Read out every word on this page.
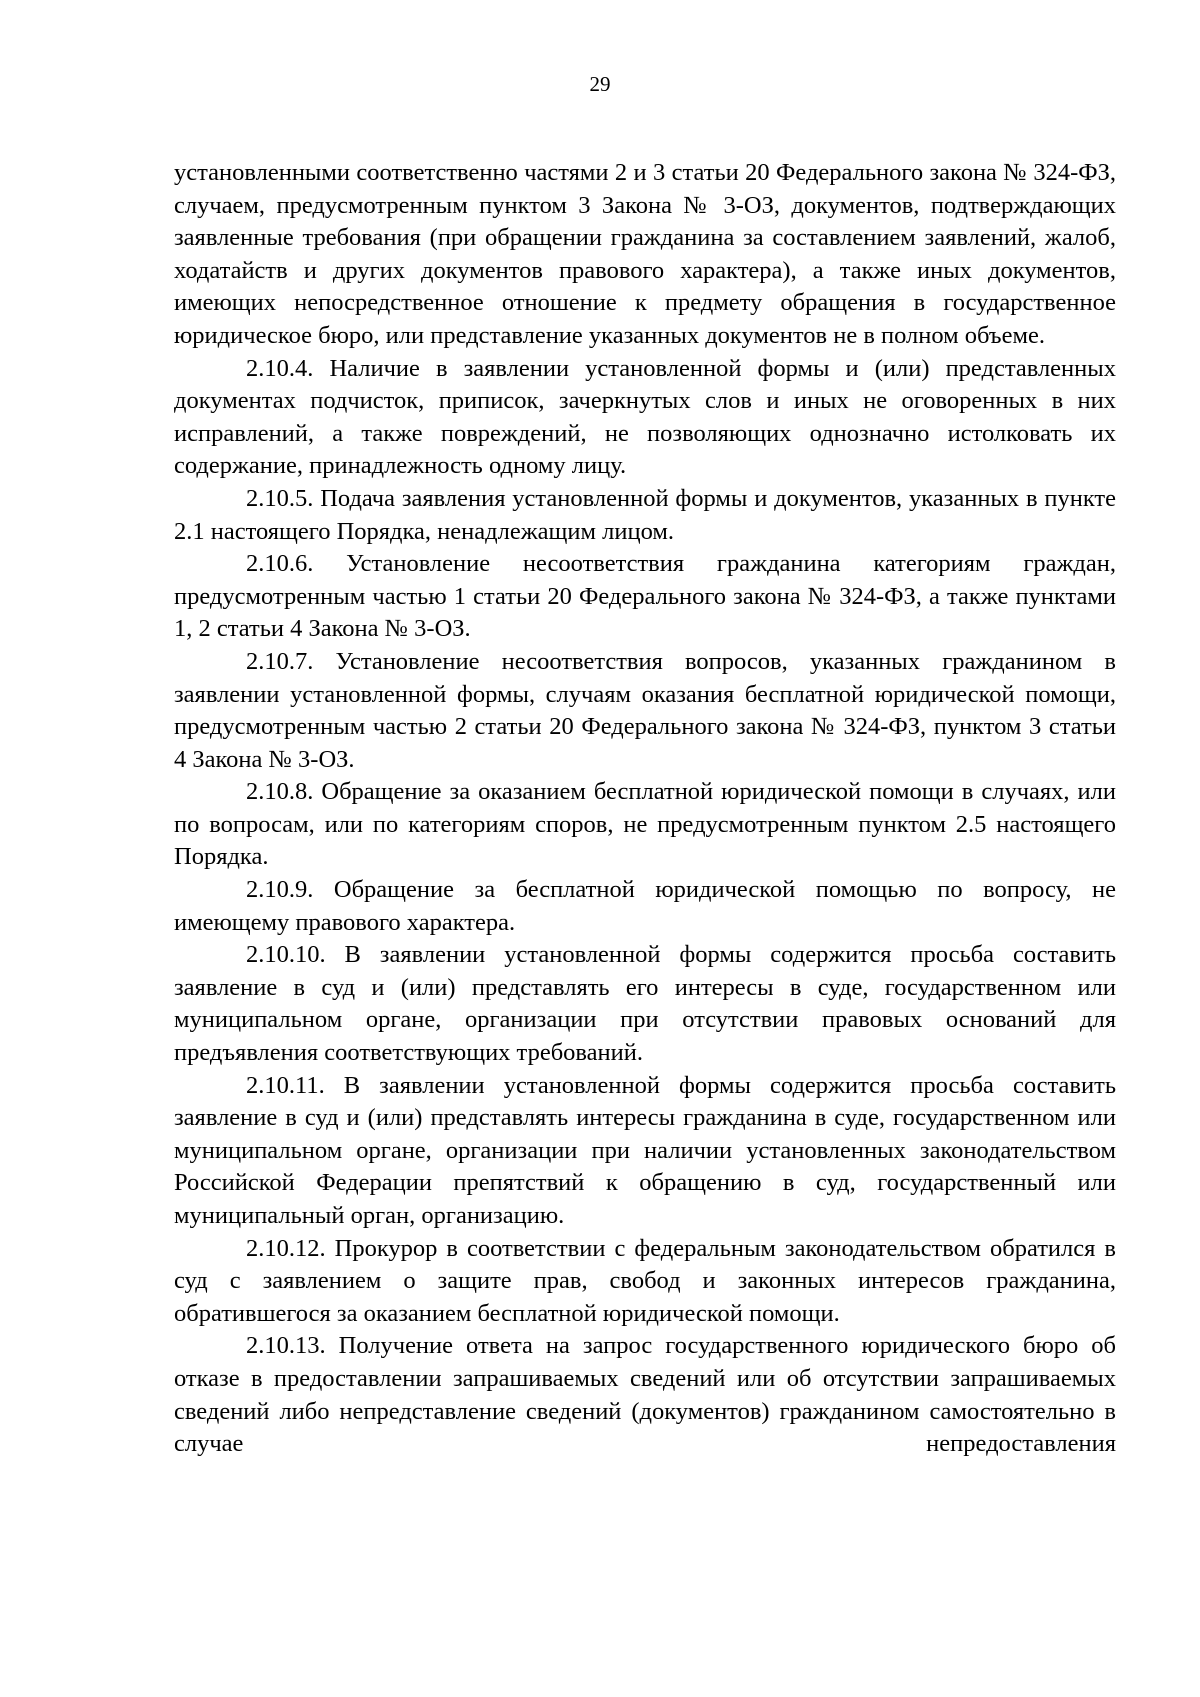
29

установленными соответственно частями 2 и 3 статьи 20 Федерального закона № 324-ФЗ, случаем, предусмотренным пунктом 3 Закона № 3-ОЗ, документов, подтверждающих заявленные требования (при обращении гражданина за составлением заявлений, жалоб, ходатайств и других документов правового характера), а также иных документов, имеющих непосредственное отношение к предмету обращения в государственное юридическое бюро, или представление указанных документов не в полном объеме.

2.10.4. Наличие в заявлении установленной формы и (или) представленных документах подчисток, приписок, зачеркнутых слов и иных не оговоренных в них исправлений, а также повреждений, не позволяющих однозначно истолковать их содержание, принадлежность одному лицу.

2.10.5. Подача заявления установленной формы и документов, указанных в пункте 2.1 настоящего Порядка, ненадлежащим лицом.

2.10.6. Установление несоответствия гражданина категориям граждан, предусмотренным частью 1 статьи 20 Федерального закона № 324-ФЗ, а также пунктами 1, 2 статьи 4 Закона № 3-ОЗ.

2.10.7. Установление несоответствия вопросов, указанных гражданином в заявлении установленной формы, случаям оказания бесплатной юридической помощи, предусмотренным частью 2 статьи 20 Федерального закона № 324-ФЗ, пунктом 3 статьи 4 Закона № 3-ОЗ.

2.10.8. Обращение за оказанием бесплатной юридической помощи в случаях, или по вопросам, или по категориям споров, не предусмотренным пунктом 2.5 настоящего Порядка.

2.10.9. Обращение за бесплатной юридической помощью по вопросу, не имеющему правового характера.

2.10.10. В заявлении установленной формы содержится просьба составить заявление в суд и (или) представлять его интересы в суде, государственном или муниципальном органе, организации при отсутствии правовых оснований для предъявления соответствующих требований.

2.10.11. В заявлении установленной формы содержится просьба составить заявление в суд и (или) представлять интересы гражданина в суде, государственном или муниципальном органе, организации при наличии установленных законодательством Российской Федерации препятствий к обращению в суд, государственный или муниципальный орган, организацию.

2.10.12. Прокурор в соответствии с федеральным законодательством обратился в суд с заявлением о защите прав, свобод и законных интересов гражданина, обратившегося за оказанием бесплатной юридической помощи.

2.10.13. Получение ответа на запрос государственного юридического бюро об отказе в предоставлении запрашиваемых сведений или об отсутствии запрашиваемых сведений либо непредставление сведений (документов) гражданином самостоятельно в случае непредоставления
